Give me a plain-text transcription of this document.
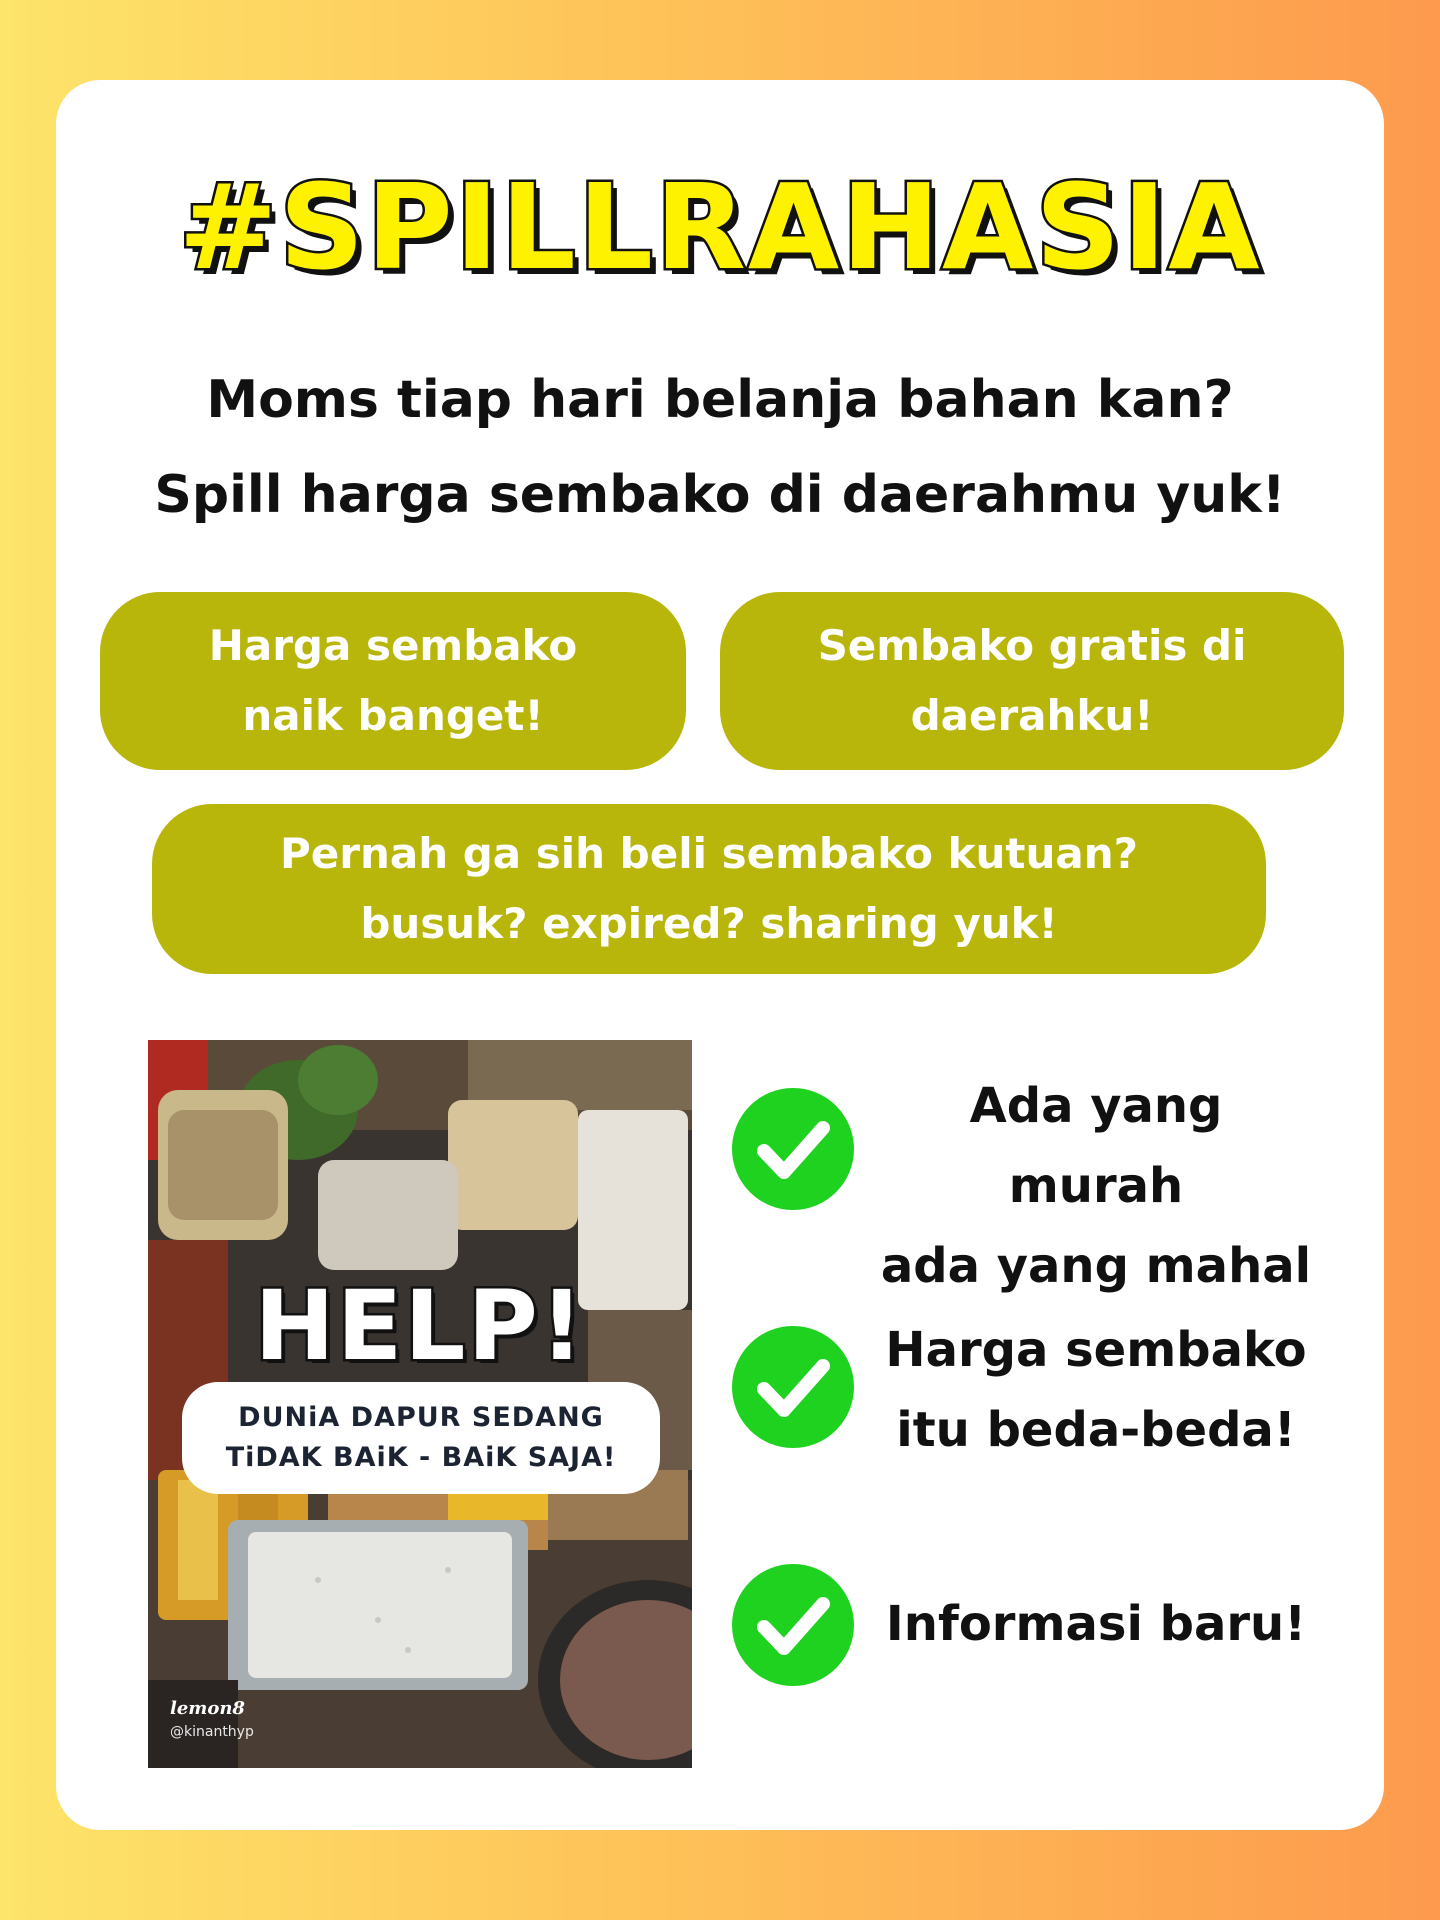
#SPILLRAHASIA
Moms tiap hari belanja bahan kan?
Spill harga sembako di daerahmu yuk!
Harga sembako
naik banget!
Sembako gratis di
daerahku!
Pernah ga sih beli sembako kutuan?
busuk? expired? sharing yuk!
HELP!
DUNiA DAPUR SEDANG
TiDAK BAiK - BAiK SAJA!
lemon8
@kinanthyp
Ada yang murah
ada yang mahal
Harga sembako
itu beda-beda!
Informasi baru!
